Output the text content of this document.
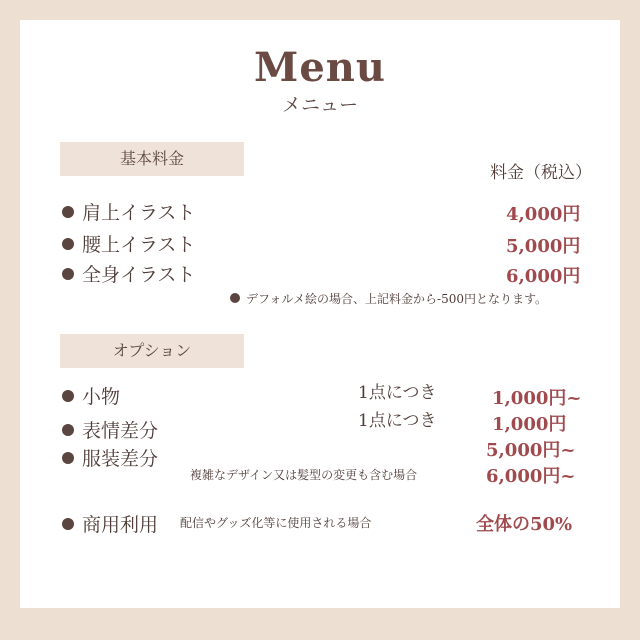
Menu
メニュー
基本料金
料金（税込）
肩上イラスト	4,000円
腰上イラスト	5,000円
全身イラスト	6,000円
デフォルメ絵の場合、上記料金から-500円となります。
オプション
小物	1点につき	1,000円~
表情差分	1点につき	1,000円
服装差分	5,000円~
複雑なデザイン又は髪型の変更も含む場合	6,000円~
商用利用 配信やグッズ化等に使用される場合	全体の50%
